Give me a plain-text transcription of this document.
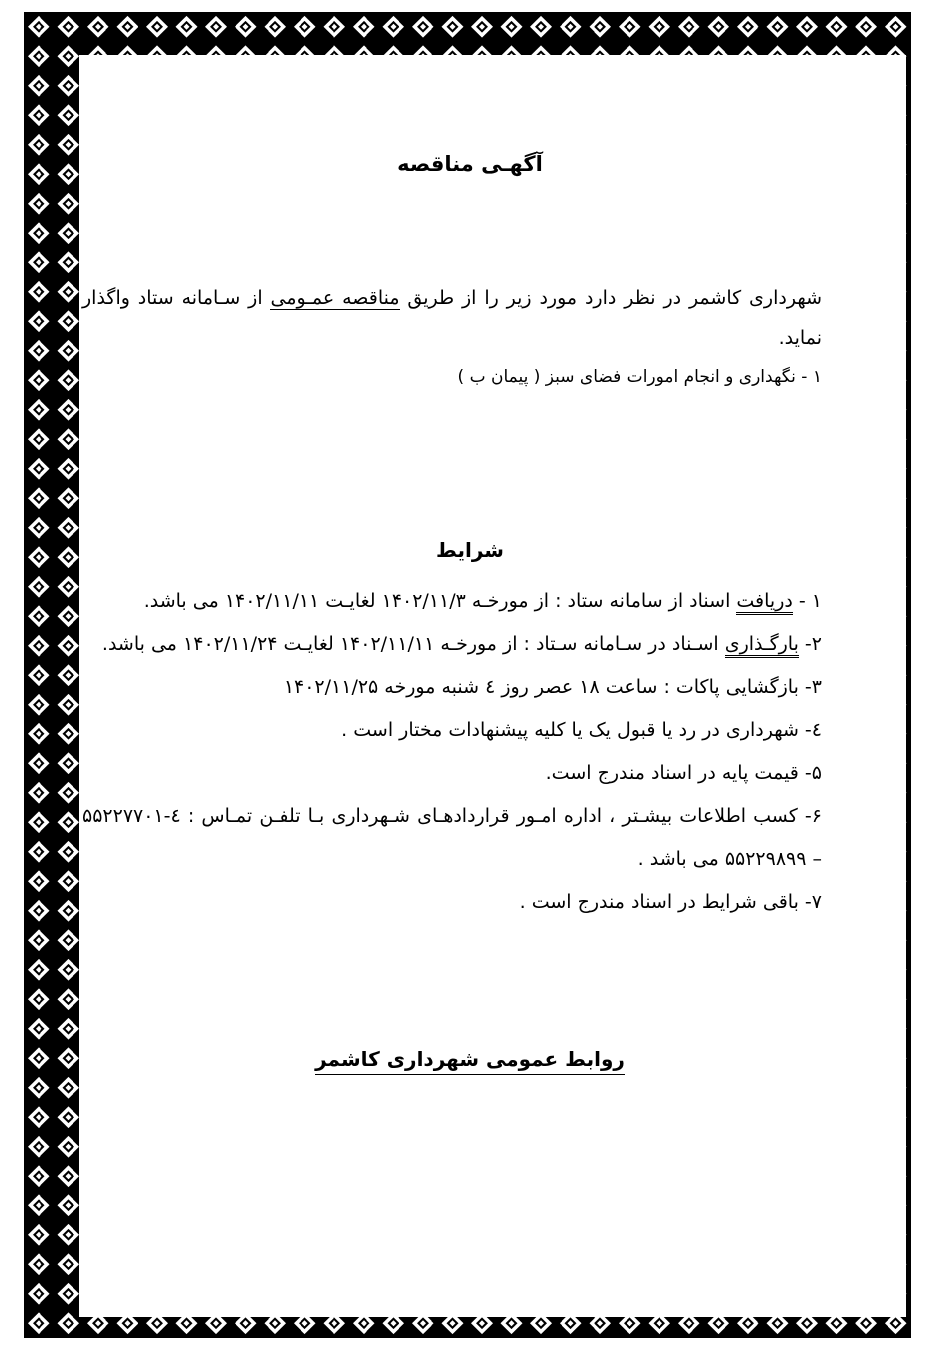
آگهـی مناقصه

شهرداری کاشمر در نظر دارد مورد زیر را از طریق مناقصه عمـومی از سـامانه ستاد واگذار نماید.

۱ - نگهداری و انجام امورات فضای سبز ( پیمان ب )

شرایط

۱ - دریافت اسناد از سامانه ستاد : از مورخـه ۱۴۰۲/۱۱/۳ لغایـت ۱۴۰۲/۱۱/۱۱ می باشد.

۲- بارگـذاری اسـناد در سـامانه سـتاد : از مورخـه ۱۴۰۲/۱۱/۱۱ لغایـت ۱۴۰۲/۱۱/۲۴ می باشد.

۳- بازگشایی پاکات : ساعت ۱۸ عصر روز ٤ شنبه مورخه ۱۴۰۲/۱۱/۲۵

٤- شهرداری در رد یا قبول یک یا کلیه پیشنهادات مختار است .

۵- قیمت پایه در اسناد مندرج است.

۶- کسب اطلاعات بیشـتر ، اداره امـور قراردادهـای شـهرداری بـا تلفـن تمـاس : ٤-۵۵۲۲۷۷۰۱ – ۵۵۲۲۹۸۹۹ می باشد .

۷- باقی شرایط در اسناد مندرج است .

روابط عمومی شهرداری کاشمر
